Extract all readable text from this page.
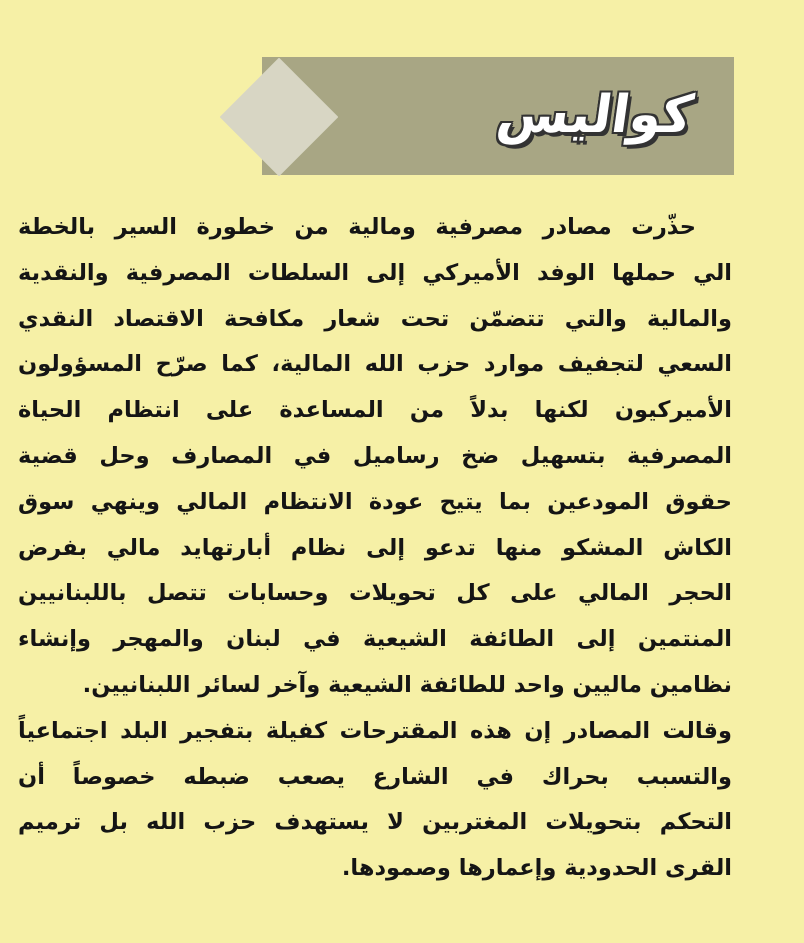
كواليس
حذّرت مصادر مصرفية ومالية من خطورة السير بالخطة
الي حملها الوفد الأميركي إلى السلطات المصرفية والنقدية
والمالية والتي تتضمّن تحت شعار مكافحة الاقتصاد النقدي
السعي لتجفيف موارد حزب الله المالية، كما صرّح المسؤولون
الأميركيون لكنها بدلاً من المساعدة على انتظام الحياة
المصرفية بتسهيل ضخ رساميل في المصارف وحل قضية
حقوق المودعين بما يتيح عودة الانتظام المالي وينهي سوق
الكاش المشكو منها تدعو إلى نظام أبارتهايد مالي بفرض
الحجر المالي على كل تحويلات وحسابات تتصل باللبنانيين
المنتمين إلى الطائفة الشيعية في لبنان والمهجر وإنشاء
نظامين ماليين واحد للطائفة الشيعية وآخر لسائر اللبنانيين.
وقالت المصادر إن هذه المقترحات كفيلة بتفجير البلد اجتماعياً
والتسبب بحراك في الشارع يصعب ضبطه خصوصاً أن
التحكم بتحويلات المغتربين لا يستهدف حزب الله بل ترميم
القرى الحدودية وإعمارها وصمودها.
